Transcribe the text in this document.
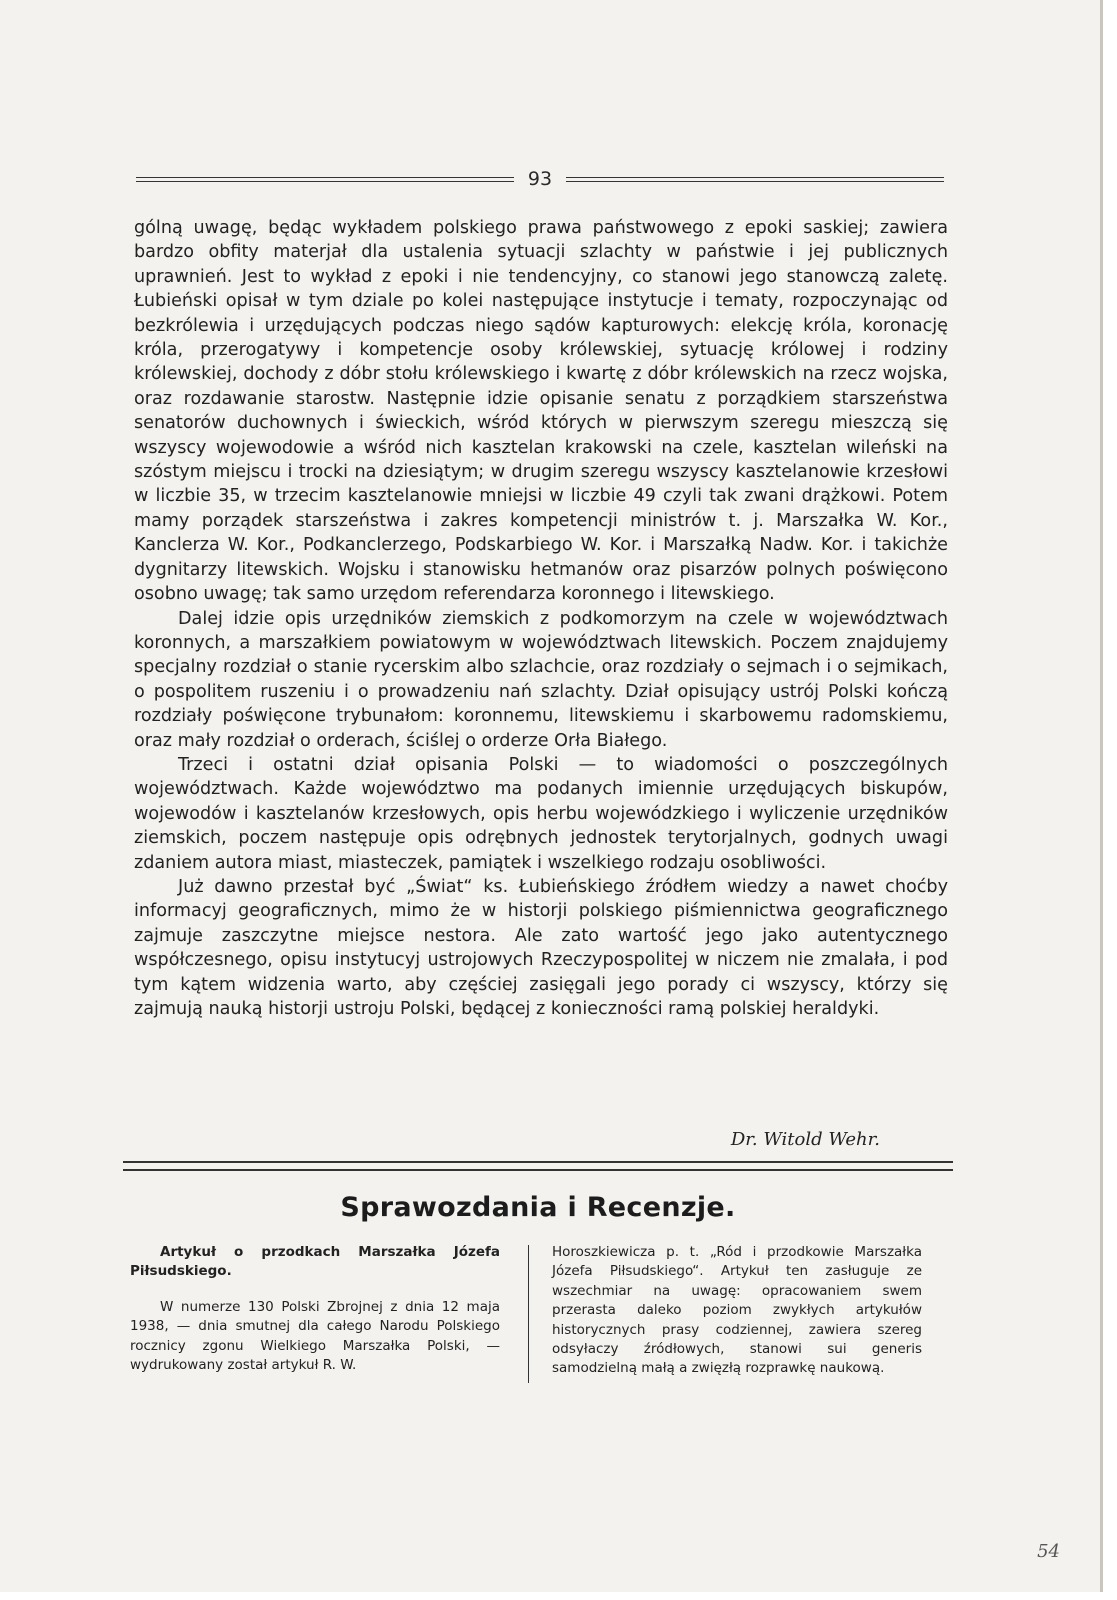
93

gólną uwagę, będąc wykładem polskiego prawa państwowego z epoki saskiej; zawiera bardzo obfity materjał dla ustalenia sytuacji szlachty w państwie i jej publicznych uprawnień. Jest to wykład z epoki i nie tendencyjny, co stanowi jego stanowczą zaletę. Łubieński opisał w tym dziale po kolei następujące instytucje i tematy, rozpoczynając od bezkrólewia i urzędujących podczas niego sądów kapturowych: elekcję króla, koronację króla, przerogatywy i kompetencje osoby królewskiej, sytuację królowej i rodziny królewskiej, dochody z dóbr stołu królewskiego i kwartę z dóbr królewskich na rzecz wojska, oraz rozdawanie starostw. Następnie idzie opisanie senatu z porządkiem starszeństwa senatorów duchownych i świeckich, wśród których w pierwszym szeregu mieszczą się wszyscy wojewodowie a wśród nich kasztelan krakowski na czele, kasztelan wileński na szóstym miejscu i trocki na dziesiątym; w drugim szeregu wszyscy kasztelanowie krzesłowi w liczbie 35, w trzecim kasztelanowie mniejsi w liczbie 49 czyli tak zwani drążkowi. Potem mamy porządek starszeństwa i zakres kompetencji ministrów t. j. Marszałka W. Kor., Kanclerza W. Kor., Podkanclerzego, Podskarbiego W. Kor. i Marszałką Nadw. Kor. i takichże dygnitarzy litewskich. Wojsku i stanowisku hetmanów oraz pisarzów polnych poświęcono osobno uwagę; tak samo urzędom referendarza koronnego i litewskiego.

Dalej idzie opis urzędników ziemskich z podkomorzym na czele w województwach koronnych, a marszałkiem powiatowym w województwach litewskich. Poczem znajdujemy specjalny rozdział o stanie rycerskim albo szlachcie, oraz rozdziały o sejmach i o sejmikach, o pospolitem ruszeniu i o prowadzeniu nań szlachty. Dział opisujący ustrój Polski kończą rozdziały poświęcone trybunałom: koronnemu, litewskiemu i skarbowemu radomskiemu, oraz mały rozdział o orderach, ściślej o orderze Orła Białego.

Trzeci i ostatni dział opisania Polski — to wiadomości o poszczególnych województwach. Każde województwo ma podanych imiennie urzędujących biskupów, wojewodów i kasztelanów krzesłowych, opis herbu wojewódzkiego i wyliczenie urzędników ziemskich, poczem następuje opis odrębnych jednostek terytorjalnych, godnych uwagi zdaniem autora miast, miasteczek, pamiątek i wszelkiego rodzaju osobliwości.

Już dawno przestał być „Świat“ ks. Łubieńskiego źródłem wiedzy a nawet choćby informacyj geograficznych, mimo że w historji polskiego piśmiennictwa geograficznego zajmuje zaszczytne miejsce nestora. Ale zato wartość jego jako autentycznego współczesnego, opisu instytucyj ustrojowych Rzeczypospolitej w niczem nie zmalała, i pod tym kątem widzenia warto, aby częściej zasięgali jego porady ci wszyscy, którzy się zajmują nauką historji ustroju Polski, będącej z konieczności ramą polskiej heraldyki.

Dr. Witold Wehr.
Sprawozdania i Recenzje.

Artykuł o przodkach Marszałka Józefa Piłsudskiego.

W numerze 130 Polski Zbrojnej z dnia 12 maja 1938, — dnia smutnej dla całego Narodu Polskiego rocznicy zgonu Wielkiego Marszałka Polski, — wydrukowany został artykuł R. W.

Horoszkiewicza p. t. „Ród i przodkowie Marszałka Józefa Piłsudskiego“. Artykuł ten zasługuje ze wszechmiar na uwagę: opracowaniem swem przerasta daleko poziom zwykłych artykułów historycznych prasy codziennej, zawiera szereg odsyłaczy źródłowych, stanowi sui generis samodzielną małą a zwięzłą rozprawkę naukową.

54
